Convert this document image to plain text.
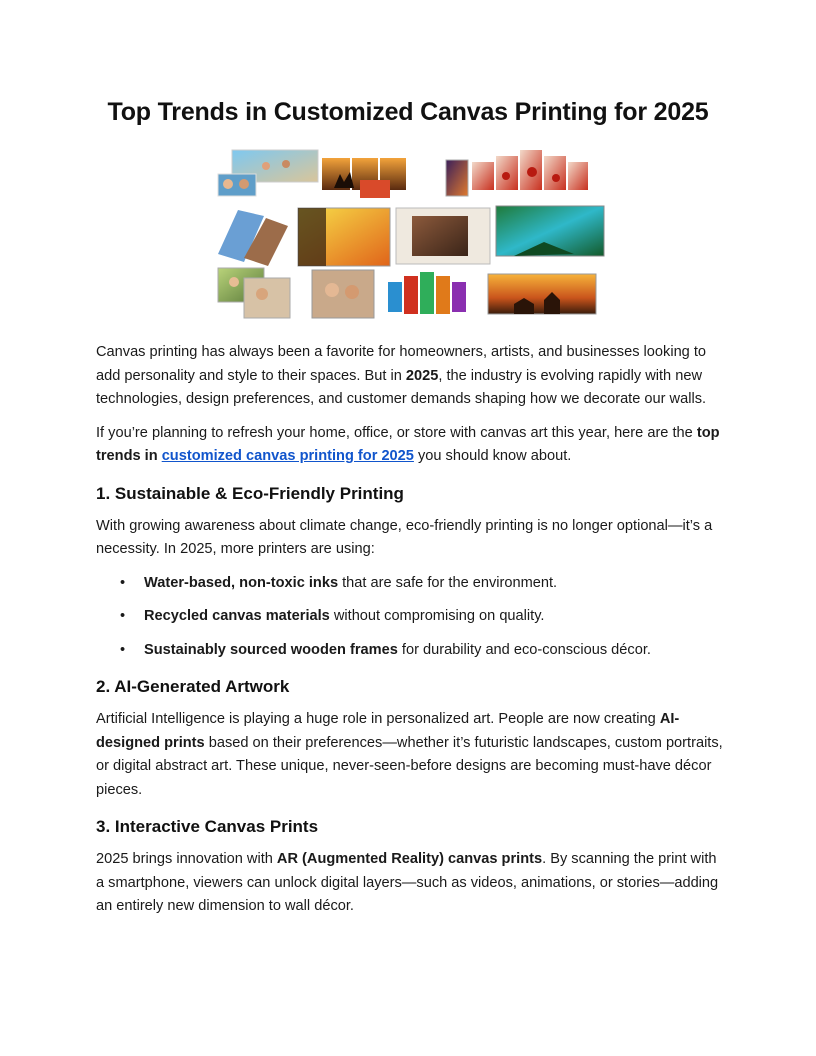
Top Trends in Customized Canvas Printing for 2025

Canvas printing has always been a favorite for homeowners, artists, and businesses looking to add personality and style to their spaces. But in 2025, the industry is evolving rapidly with new technologies, design preferences, and customer demands shaping how we decorate our walls.

If you’re planning to refresh your home, office, or store with canvas art this year, here are the top trends in customized canvas printing for 2025 you should know about.

1. Sustainable & Eco-Friendly Printing

With growing awareness about climate change, eco-friendly printing is no longer optional—it’s a necessity. In 2025, more printers are using:

• Water-based, non-toxic inks that are safe for the environment.
• Recycled canvas materials without compromising on quality.
• Sustainably sourced wooden frames for durability and eco-conscious décor.
2. AI-Generated Artwork

Artificial Intelligence is playing a huge role in personalized art. People are now creating AI-designed prints based on their preferences—whether it’s futuristic landscapes, custom portraits, or digital abstract art. These unique, never-seen-before designs are becoming must-have décor pieces.

3. Interactive Canvas Prints

2025 brings innovation with AR (Augmented Reality) canvas prints. By scanning the print with a smartphone, viewers can unlock digital layers—such as videos, animations, or stories—adding an entirely new dimension to wall décor.
